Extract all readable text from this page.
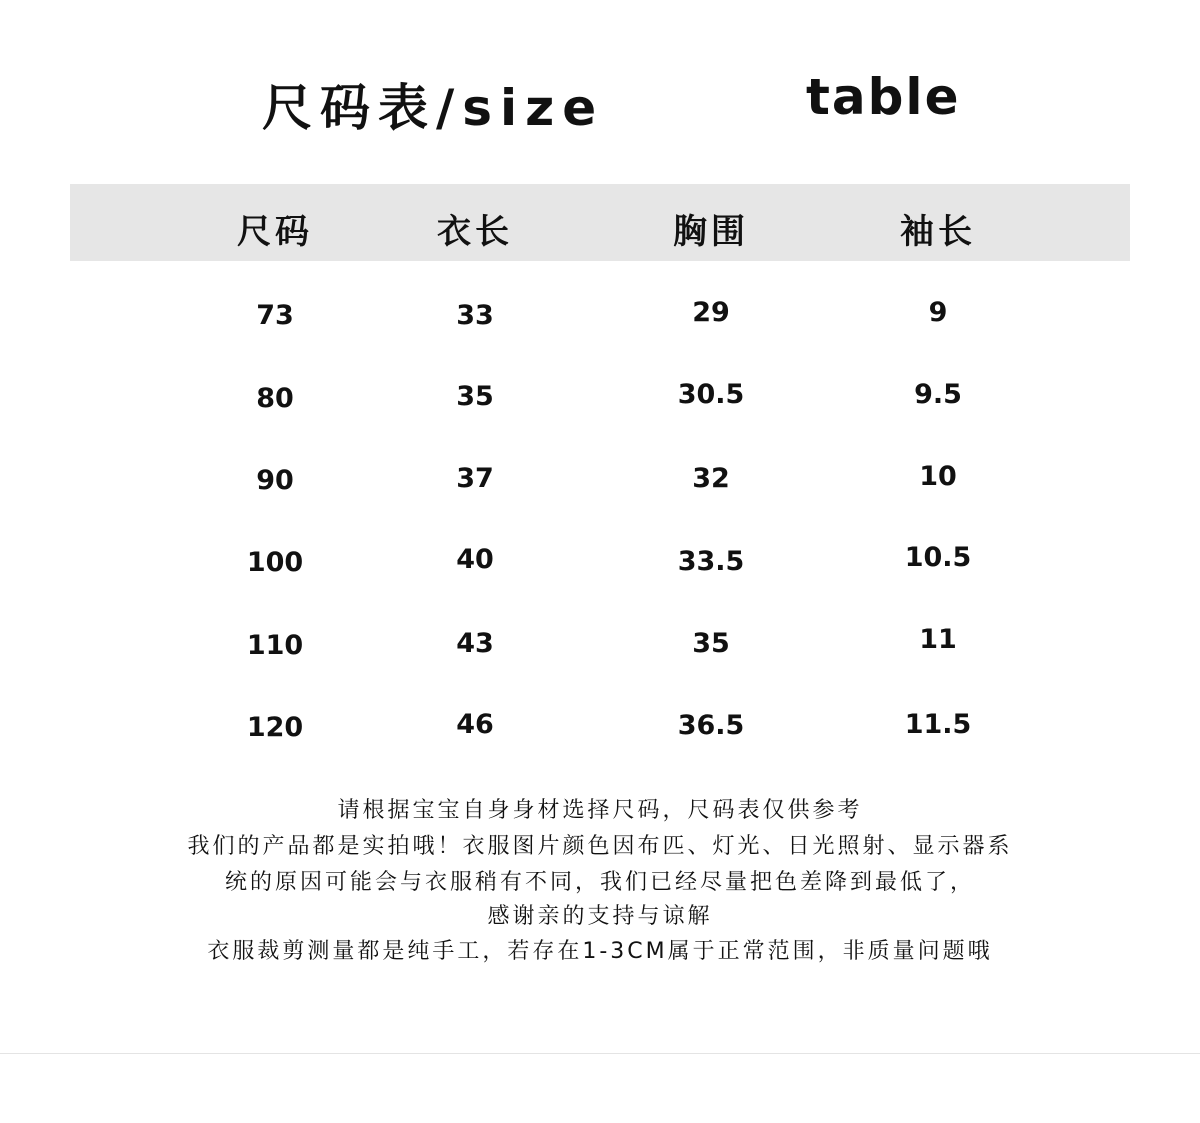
尺码表/size	table
尺码	衣长	胸围	袖长
73	33	29	9
80	35	30.5	9.5
90	37	32	10
100	40	33.5	10.5
110	43	35	11
120	46	36.5	11.5
请根据宝宝自身身材选择尺码，尺码表仅供参考
我们的产品都是实拍哦！衣服图片颜色因布匹、灯光、日光照射、显示器系
统的原因可能会与衣服稍有不同，我们已经尽量把色差降到最低了，
感谢亲的支持与谅解
衣服裁剪测量都是纯手工，若存在1-3CM属于正常范围，非质量问题哦
